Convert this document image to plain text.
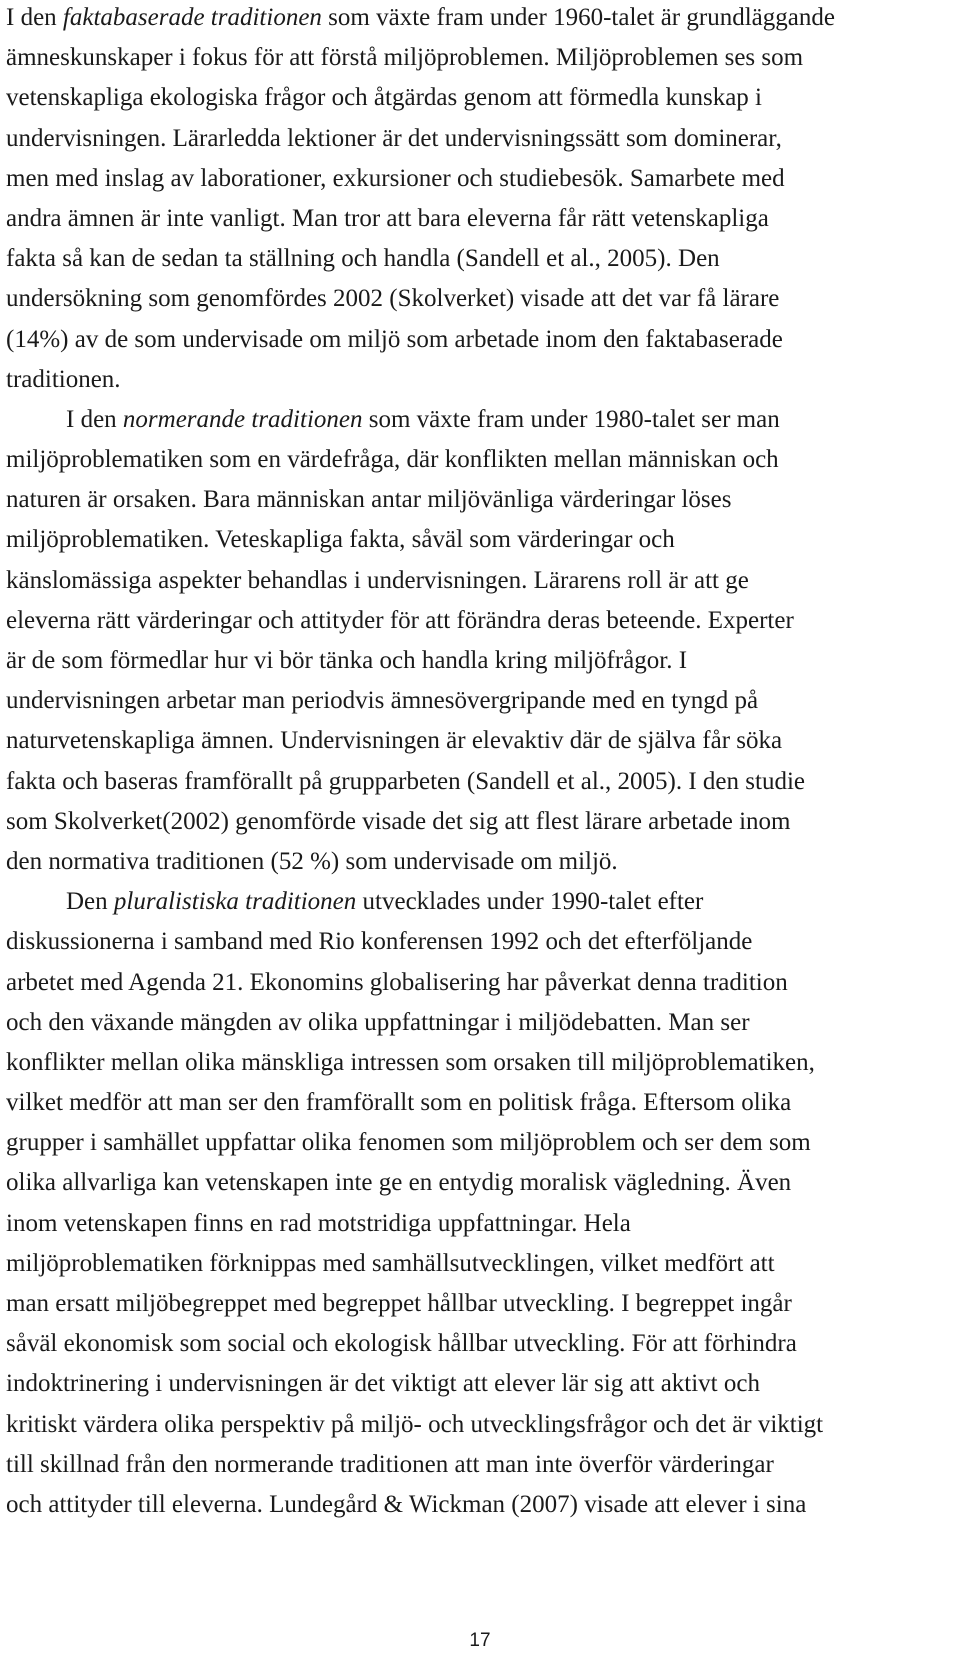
I den faktabaserade traditionen som växte fram under 1960-talet är grundläggande
ämneskunskaper i fokus för att förstå miljöproblemen. Miljöproblemen ses som
vetenskapliga ekologiska frågor och åtgärdas genom att förmedla kunskap i
undervisningen. Lärarledda lektioner är det undervisningssätt som dominerar,
men med inslag av laborationer, exkursioner och studiebesök. Samarbete med
andra ämnen är inte vanligt. Man tror att bara eleverna får rätt vetenskapliga
fakta så kan de sedan ta ställning och handla (Sandell et al., 2005). Den
undersökning som genomfördes 2002 (Skolverket) visade att det var få lärare
(14%) av de som undervisade om miljö som arbetade inom den faktabaserade
traditionen.
I den normerande traditionen som växte fram under 1980-talet ser man
miljöproblematiken som en värdefråga, där konflikten mellan människan och
naturen är orsaken. Bara människan antar miljövänliga värderingar löses
miljöproblematiken. Veteskapliga fakta, såväl som värderingar och
känslomässiga aspekter behandlas i undervisningen. Lärarens roll är att ge
eleverna rätt värderingar och attityder för att förändra deras beteende. Experter
är de som förmedlar hur vi bör tänka och handla kring miljöfrågor. I
undervisningen arbetar man periodvis ämnesövergripande med en tyngd på
naturvetenskapliga ämnen. Undervisningen är elevaktiv där de själva får söka
fakta och baseras framförallt på grupparbeten (Sandell et al., 2005). I den studie
som Skolverket(2002) genomförde visade det sig att flest lärare arbetade inom
den normativa traditionen (52 %) som undervisade om miljö.
Den pluralistiska traditionen utvecklades under 1990-talet efter
diskussionerna i samband med Rio konferensen 1992 och det efterföljande
arbetet med Agenda 21. Ekonomins globalisering har påverkat denna tradition
och den växande mängden av olika uppfattningar i miljödebatten. Man ser
konflikter mellan olika mänskliga intressen som orsaken till miljöproblematiken,
vilket medför att man ser den framförallt som en politisk fråga. Eftersom olika
grupper i samhället uppfattar olika fenomen som miljöproblem och ser dem som
olika allvarliga kan vetenskapen inte ge en entydig moralisk vägledning. Även
inom vetenskapen finns en rad motstridiga uppfattningar. Hela
miljöproblematiken förknippas med samhällsutvecklingen, vilket medfört att
man ersatt miljöbegreppet med begreppet hållbar utveckling. I begreppet ingår
såväl ekonomisk som social och ekologisk hållbar utveckling. För att förhindra
indoktrinering i undervisningen är det viktigt att elever lär sig att aktivt och
kritiskt värdera olika perspektiv på miljö- och utvecklingsfrågor och det är viktigt
till skillnad från den normerande traditionen att man inte överför värderingar
och attityder till eleverna. Lundegård & Wickman (2007) visade att elever i sina
17
